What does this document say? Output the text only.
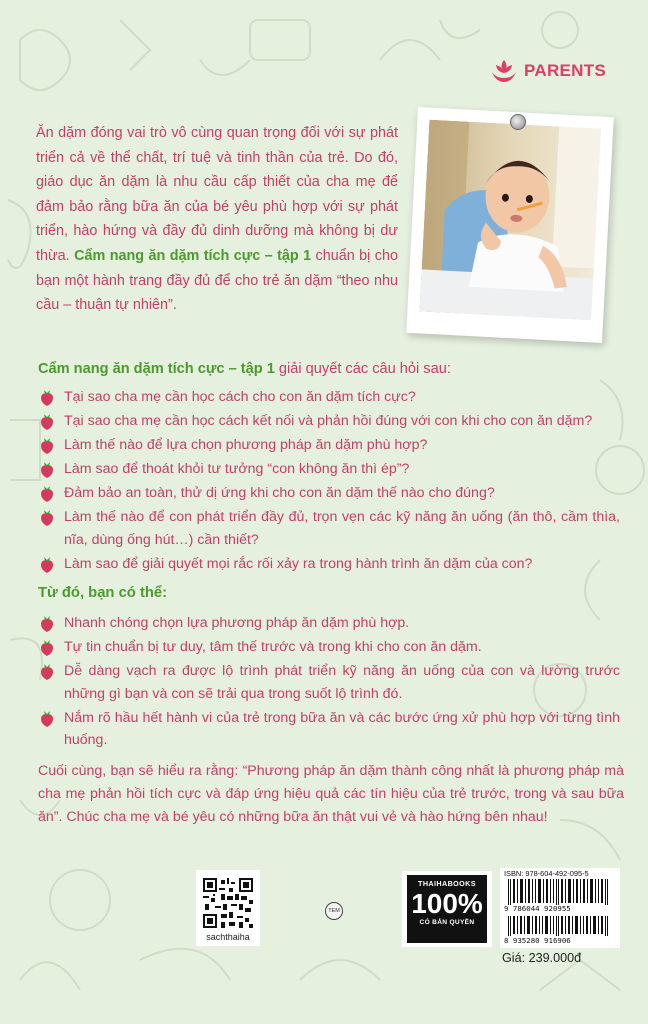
PARENTS
Ăn dặm đóng vai trò vô cùng quan trọng đối với sự phát triển cả về thể chất, trí tuệ và tinh thần của trẻ. Do đó, giáo dục ăn dặm là nhu cầu cấp thiết của cha mẹ để đảm bảo rằng bữa ăn của bé yêu phù hợp với sự phát triển, hào hứng và đầy đủ dinh dưỡng mà không bị dư thừa. Cẩm nang ăn dặm tích cực – tập 1 chuẩn bị cho bạn một hành trang đầy đủ để cho trẻ ăn dặm “theo nhu cầu – thuận tự nhiên”.
Cẩm nang ăn dặm tích cực – tập 1 giải quyết các câu hỏi sau:
Tại sao cha mẹ cần học cách cho con ăn dặm tích cực?
Tại sao cha mẹ cần học cách kết nối và phản hồi đúng với con khi cho con ăn dặm?
Làm thế nào để lựa chọn phương pháp ăn dặm phù hợp?
Làm sao để thoát khỏi tư tưởng “con không ăn thì ép”?
Đảm bảo an toàn, thử dị ứng khi cho con ăn dặm thế nào cho đúng?
Làm thế nào để con phát triển đầy đủ, trọn vẹn các kỹ năng ăn uống (ăn thô, cầm thìa, nĩa, dùng ống hút…) cần thiết?
Làm sao để giải quyết mọi rắc rối xảy ra trong hành trình ăn dặm của con?
Từ đó, bạn có thể:
Nhanh chóng chọn lựa phương pháp ăn dặm phù hợp.
Tự tin chuẩn bị tư duy, tâm thế trước và trong khi cho con ăn dặm.
Dễ dàng vạch ra được lộ trình phát triển kỹ năng ăn uống của con và lường trước những gì bạn và con sẽ trải qua trong suốt lộ trình đó.
Nắm rõ hầu hết hành vi của trẻ trong bữa ăn và các bước ứng xử phù hợp với từng tình huống.
Cuối cùng, bạn sẽ hiểu ra rằng: “Phương pháp ăn dặm thành công nhất là phương pháp mà cha mẹ phản hồi tích cực và đáp ứng hiệu quả các tín hiệu của trẻ trước, trong và sau bữa ăn”. Chúc cha mẹ và bé yêu có những bữa ăn thật vui vẻ và hào hứng bên nhau!
sachthaiha
TEM
THAIHABOOKS
100%
CÓ BẢN QUYỀN
ISBN: 978-604-492-095-5
9 786044 920955
8 935280 916906
Giá: 239.000đ
